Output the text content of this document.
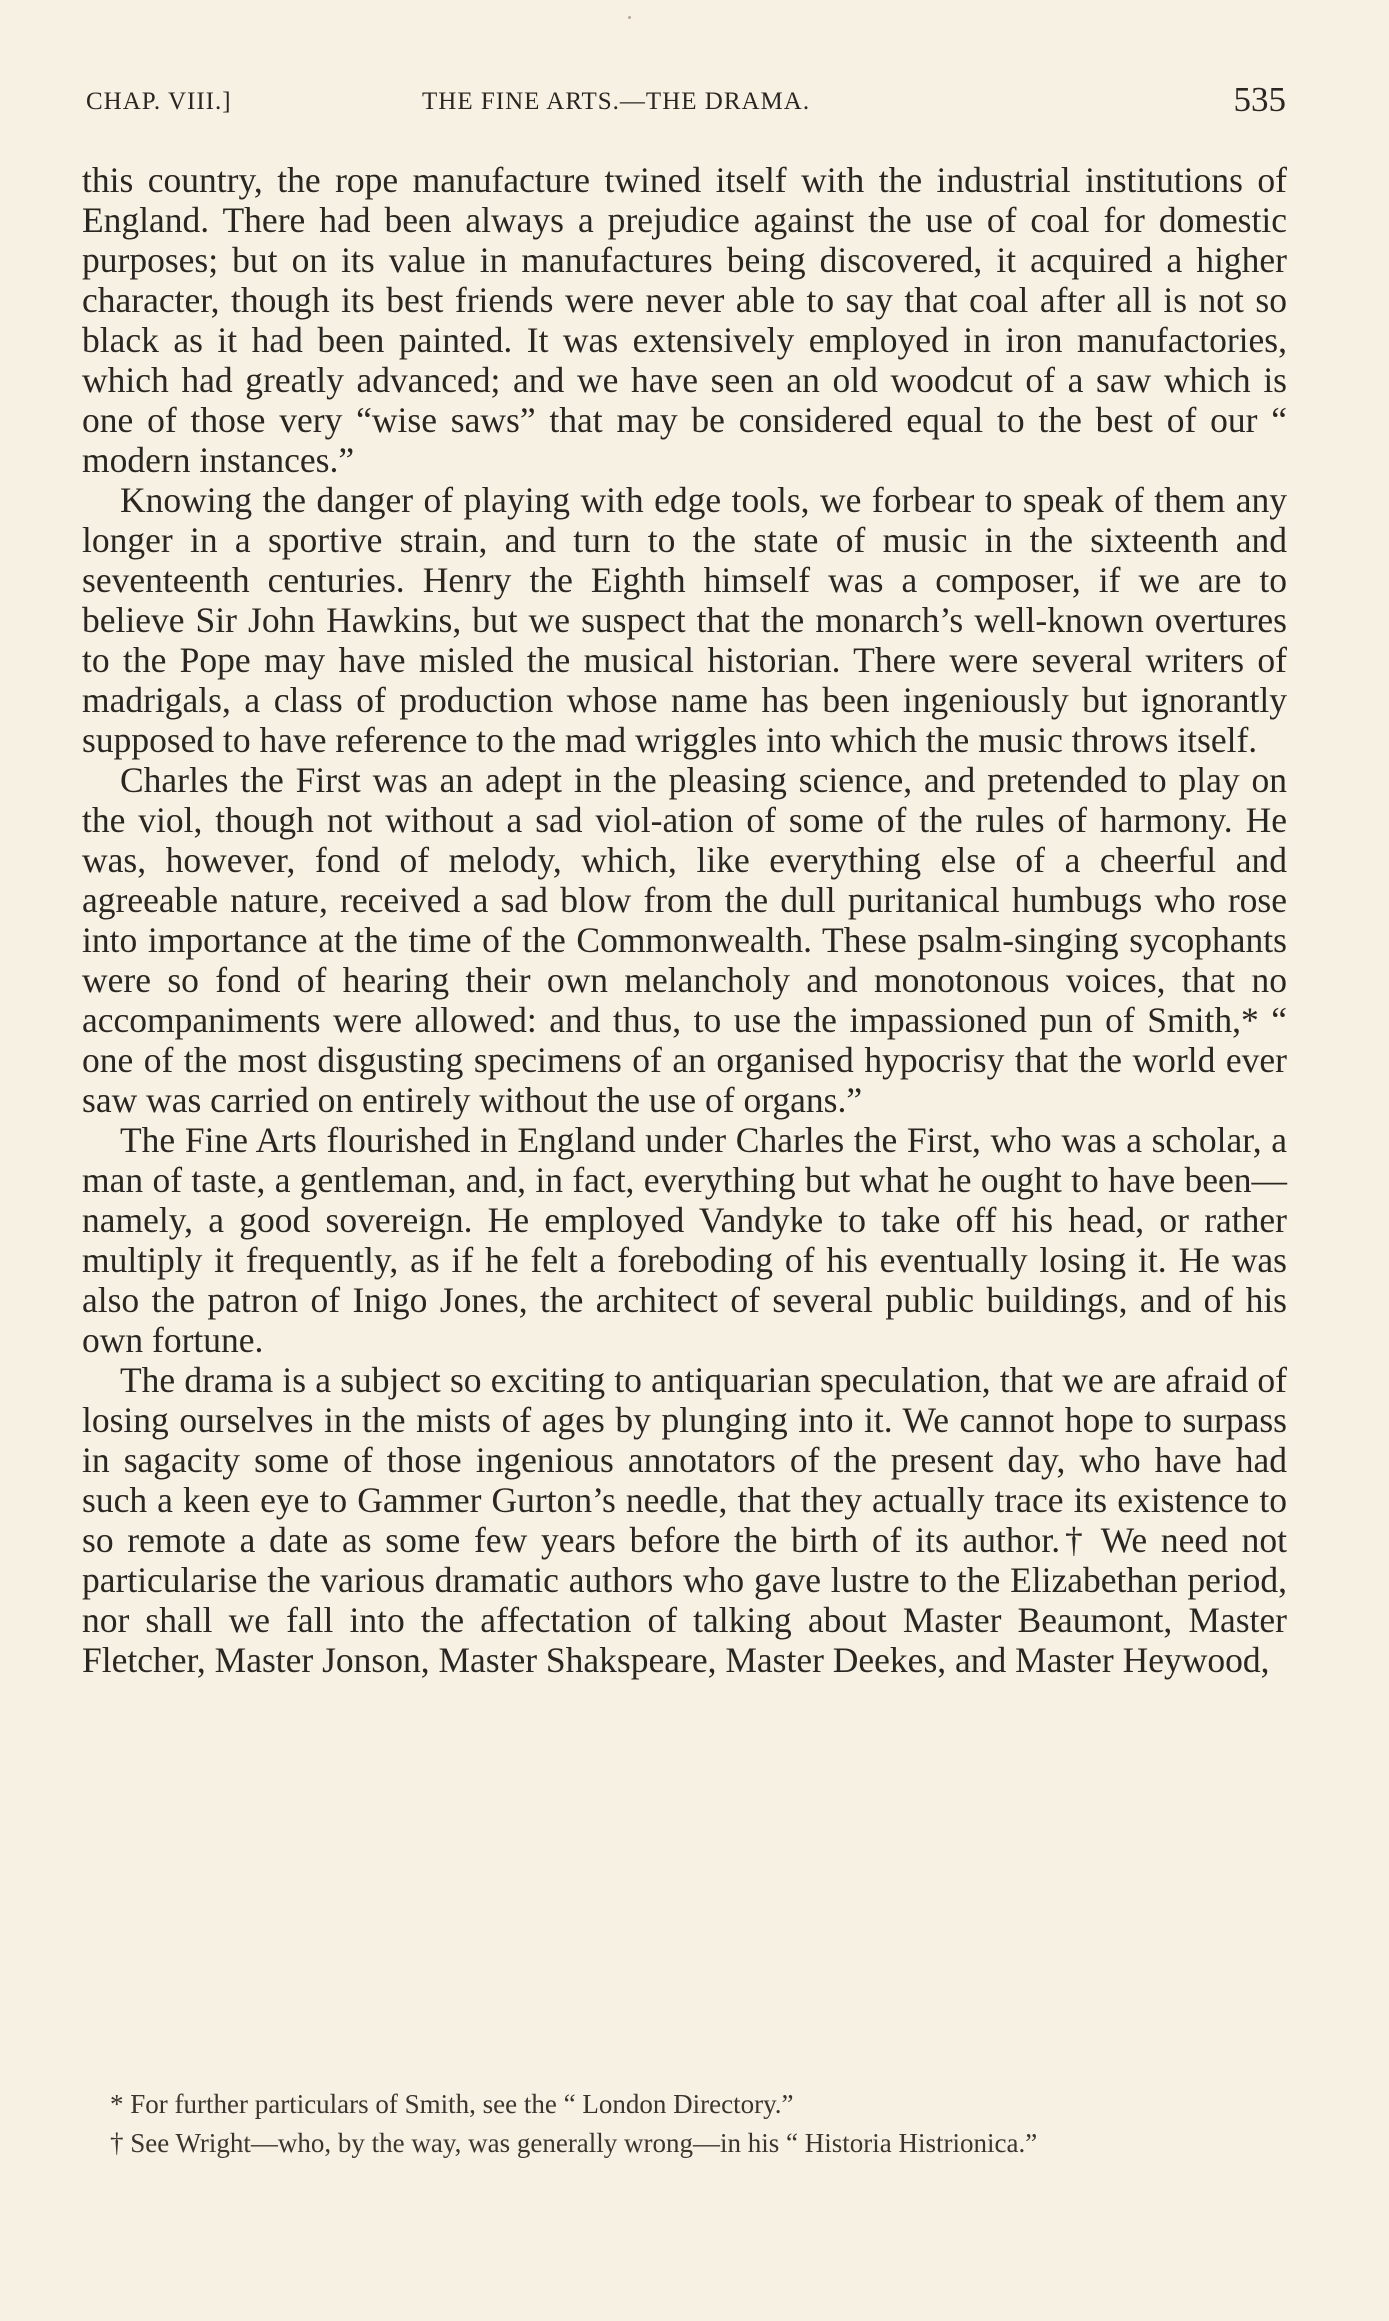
CHAP. VIII.]	THE FINE ARTS.—THE DRAMA.	535

this country, the rope manufacture twined itself with the industrial institutions of England. There had been always a prejudice against the use of coal for domestic purposes; but on its value in manufactures being discovered, it acquired a higher character, though its best friends were never able to say that coal after all is not so black as it had been painted. It was extensively employed in iron manufactories, which had greatly advanced; and we have seen an old woodcut of a saw which is one of those very “wise saws” that may be considered equal to the best of our “ modern instances.”

Knowing the danger of playing with edge tools, we forbear to speak of them any longer in a sportive strain, and turn to the state of music in the sixteenth and seventeenth centuries. Henry the Eighth himself was a composer, if we are to believe Sir John Hawkins, but we suspect that the monarch’s well-known overtures to the Pope may have misled the musical historian. There were several writers of madrigals, a class of production whose name has been ingeniously but ignorantly supposed to have reference to the mad wriggles into which the music throws itself.

Charles the First was an adept in the pleasing science, and pretended to play on the viol, though not without a sad viol-ation of some of the rules of harmony. He was, however, fond of melody, which, like everything else of a cheerful and agreeable nature, received a sad blow from the dull puritanical humbugs who rose into importance at the time of the Commonwealth. These psalm-singing sycophants were so fond of hearing their own melancholy and monotonous voices, that no accompaniments were allowed: and thus, to use the impassioned pun of Smith,* “ one of the most disgusting specimens of an organised hypocrisy that the world ever saw was carried on entirely without the use of organs.”

The Fine Arts flourished in England under Charles the First, who was a scholar, a man of taste, a gentleman, and, in fact, everything but what he ought to have been—namely, a good sovereign. He employed Vandyke to take off his head, or rather multiply it frequently, as if he felt a foreboding of his eventually losing it. He was also the patron of Inigo Jones, the architect of several public buildings, and of his own fortune.

The drama is a subject so exciting to antiquarian speculation, that we are afraid of losing ourselves in the mists of ages by plunging into it. We cannot hope to surpass in sagacity some of those ingenious annotators of the present day, who have had such a keen eye to Gammer Gurton’s needle, that they actually trace its existence to so remote a date as some few years before the birth of its author.† We need not particularise the various dramatic authors who gave lustre to the Elizabethan period, nor shall we fall into the affectation of talking about Master Beaumont, Master Fletcher, Master Jonson, Master Shakspeare, Master Deekes, and Master Heywood,

* For further particulars of Smith, see the “ London Directory.”

† See Wright—who, by the way, was generally wrong—in his “ Historia Histrionica.”
